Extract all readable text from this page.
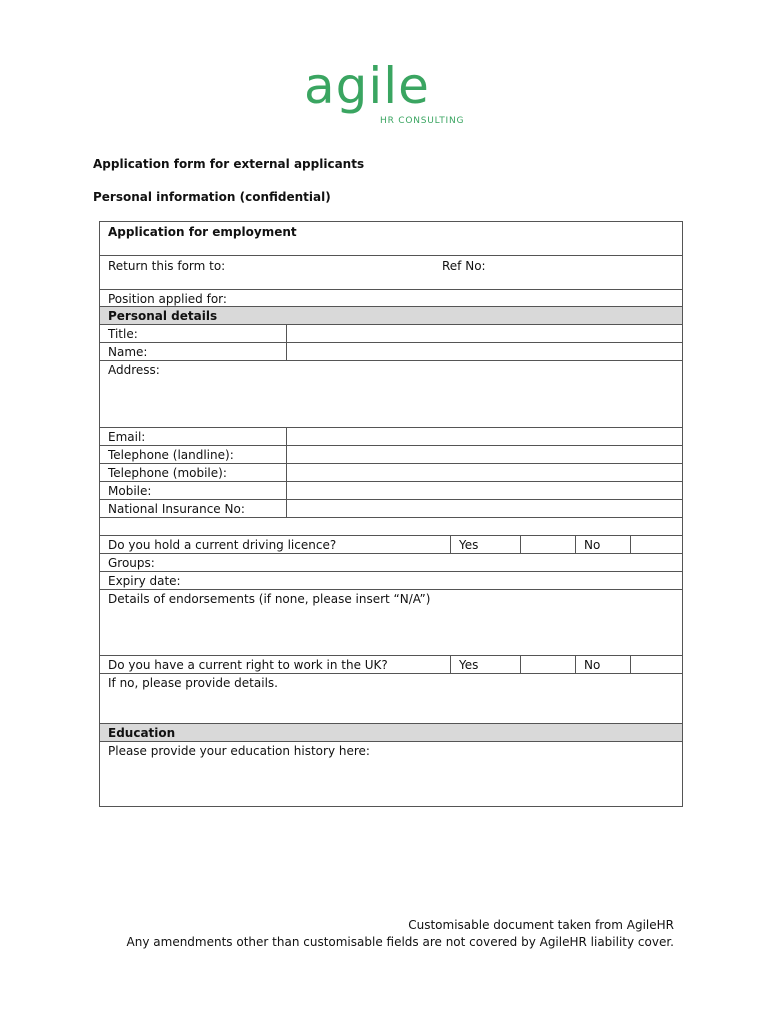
agile
HR CONSULTING
Application form for external applicants
Personal information (confidential)
Application for employment
Return this form to:	Ref No:
Position applied for:
Personal details
Title:
Name:
Address:
Email:
Telephone (landline):
Telephone (mobile):
Mobile:
National Insurance No:
Do you hold a current driving licence?	Yes	No
Groups:
Expiry date:
Details of endorsements (if none, please insert “N/A”)
Do you have a current right to work in the UK?	Yes	No
If no, please provide details.
Education
Please provide your education history here:
Customisable document taken from AgileHR
Any amendments other than customisable fields are not covered by AgileHR liability cover.
